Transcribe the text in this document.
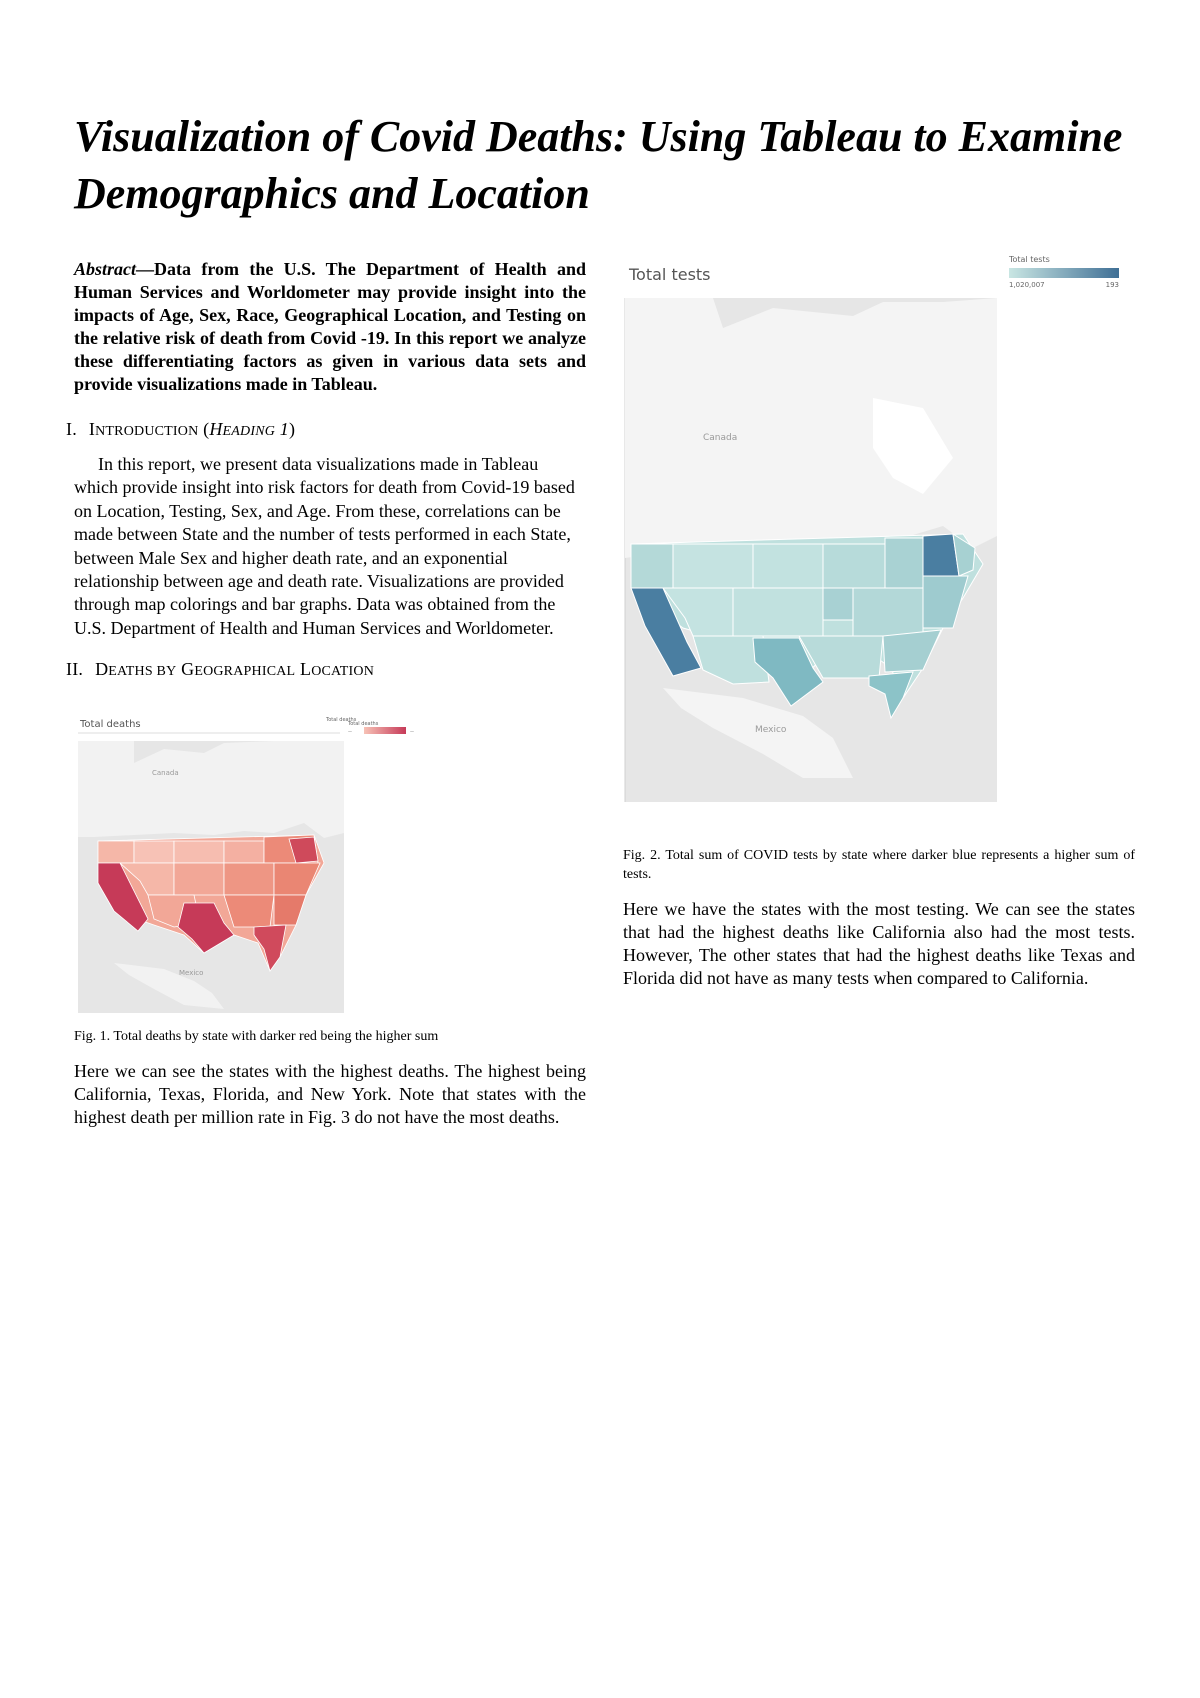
Visualization of Covid Deaths: Using Tableau to Examine Demographics and Location

Abstract—Data from the U.S. The Department of Health and Human Services and Worldometer may provide insight into the impacts of Age, Sex, Race, Geographical Location, and Testing on the relative risk of death from Covid -19. In this report we analyze these differentiating factors as given in various data sets and provide visualizations made in Tableau.

I. INTRODUCTION (HEADING 1)

In this report, we present data visualizations made in Tableau which provide insight into risk factors for death from Covid-19 based on Location, Testing, Sex, and Age. From these, correlations can be made between State and the number of tests performed in each State, between Male Sex and higher death rate, and an exponential relationship between age and death rate. Visualizations are provided through map colorings and bar graphs. Data was obtained from the U.S. Department of Health and Human Services and Worldometer.

II. DEATHS BY GEOGRAPHICAL LOCATION
Canada
Mexico
Total deaths	Total deaths
Total deaths
—	—

Fig. 1. Total deaths by state with darker red being the higher sum

Here we can see the states with the highest deaths. The highest being California, Texas, Florida, and New York. Note that states with the highest death per million rate in Fig. 3 do not have the most deaths.

Total tests
Canada
Mexico
Total tests
1,020,007	193

Fig. 2. Total sum of COVID tests by state where darker blue represents a higher sum of tests.

Here we have the states with the most testing. We can see the states that had the highest deaths like California also had the most tests. However, The other states that had the highest deaths like Texas and Florida did not have as many tests when compared to California.
